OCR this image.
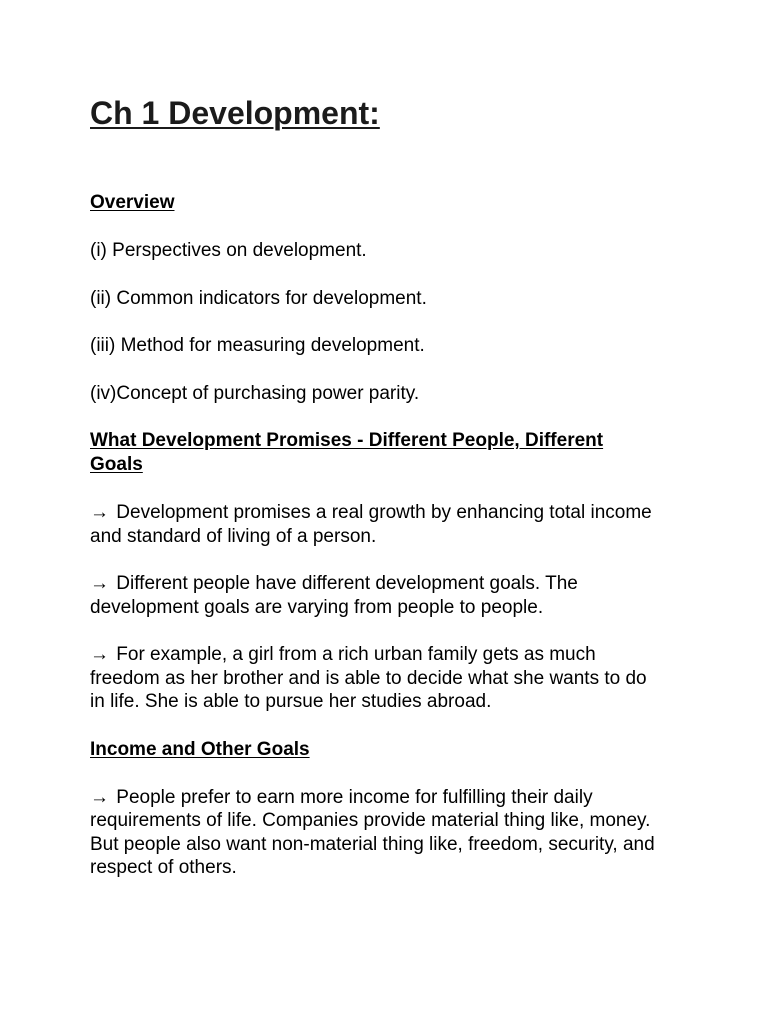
Ch 1 Development:

Overview

(i) Perspectives on development.

(ii) Common indicators for development.

(iii) Method for measuring development.

(iv)Concept of purchasing power parity.

What Development Promises - Different People, Different Goals

→ Development promises a real growth by enhancing total income and standard of living of a person.

→ Different people have different development goals. The development goals are varying from people to people.

→ For example, a girl from a rich urban family gets as much freedom as her brother and is able to decide what she wants to do in life. She is able to pursue her studies abroad.

Income and Other Goals

→ People prefer to earn more income for fulfilling their daily requirements of life. Companies provide material thing like, money. But people also want non-material thing like, freedom, security, and respect of others.
